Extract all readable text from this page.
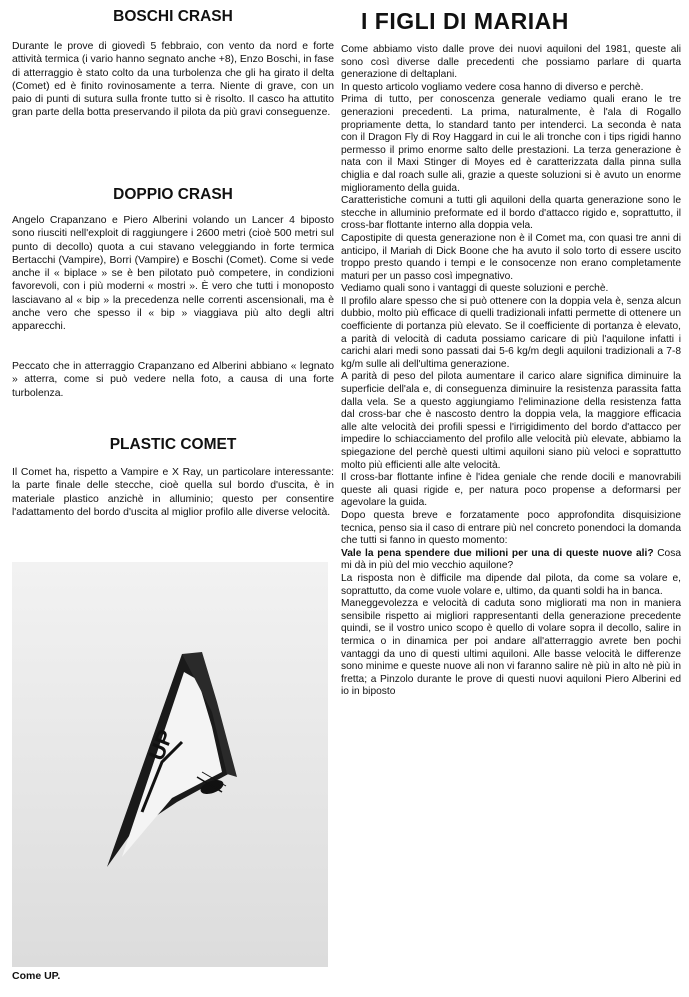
BOSCHI CRASH

Durante le prove di giovedì 5 febbraio, con vento da nord e forte attività termica (i vario hanno segnato anche +8), Enzo Boschi, in fase di atterraggio è stato colto da una turbolenza che gli ha girato il delta (Comet) ed è finito rovinosamente a terra. Niente di grave, con un paio di punti di sutura sulla fronte tutto si è risolto. Il casco ha attutito gran parte della botta preservando il pilota da più gravi conseguenze.

DOPPIO CRASH

Angelo Crapanzano e Piero Alberini volando un Lancer 4 biposto sono riusciti nell'exploit di raggiungere i 2600 metri (cioè 500 metri sul punto di decollo) quota a cui stavano veleggiando in forte termica Bertacchi (Vampire), Borri (Vampire) e Boschi (Comet). Come si vede anche il « biplace » se è ben pilotato può competere, in condizioni favorevoli, con i più moderni « mostri ». È vero che tutti i monoposto lasciavano al « bip » la precedenza nelle correnti ascensionali, ma è anche vero che spesso il « bip » viaggiava più alto degli altri apparecchi.

Peccato che in atterraggio Crapanzano ed Alberini abbiano « legnato » atterra, come si può vedere nella foto, a causa di una forte turbolenza.

PLASTIC COMET

Il Comet ha, rispetto a Vampire e X Ray, un particolare interessante: la parte finale delle stecche, cioè quella sul bordo d'uscita, è in materiale plastico anzichè in alluminio; questo per consentire l'adattamento del bordo d'uscita al miglior profilo alle diverse velocità.

UP

Come UP.

I FIGLI DI MARIAH

Come abbiamo visto dalle prove dei nuovi aquiloni del 1981, queste ali sono così diverse dalle precedenti che possiamo parlare di quarta generazione di deltaplani.

In questo articolo vogliamo vedere cosa hanno di diverso e perchè.

Prima di tutto, per conoscenza generale vediamo quali erano le tre generazioni precedenti. La prima, naturalmente, è l'ala di Rogallo propriamente detta, lo standard tanto per intenderci. La seconda è nata con il Dragon Fly di Roy Haggard in cui le ali tronche con i tips rigidi hanno permesso il primo enorme salto delle prestazioni. La terza generazione è nata con il Maxi Stinger di Moyes ed è caratterizzata dalla pinna sulla chiglia e dal roach sulle ali, grazie a queste soluzioni si è avuto un enorme miglioramento della guida.

Caratteristiche comuni a tutti gli aquiloni della quarta generazione sono le stecche in alluminio preformate ed il bordo d'attacco rigido e, soprattutto, il cross-bar flottante interno alla doppia vela.

Capostipite di questa generazione non è il Comet ma, con quasi tre anni di anticipo, il Mariah di Dick Boone che ha avuto il solo torto di essere uscito troppo presto quando i tempi e le consocenze non erano completamente maturi per un passo così impegnativo.

Vediamo quali sono i vantaggi di queste soluzioni e perchè.

Il profilo alare spesso che si può ottenere con la doppia vela è, senza alcun dubbio, molto più efficace di quelli tradizionali infatti permette di ottenere un coefficiente di portanza più elevato. Se il coefficiente di portanza è elevato, a parità di velocità di caduta possiamo caricare di più l'aquilone infatti i carichi alari medi sono passati dai 5-6 kg/m degli aquiloni tradizionali a 7-8 kg/m sulle ali dell'ultima generazione.

A parità di peso del pilota aumentare il carico alare significa diminuire la superficie dell'ala e, di conseguenza diminuire la resistenza parassita fatta dalla vela. Se a questo aggiungiamo l'eliminazione della resistenza fatta dal cross-bar che è nascosto dentro la doppia vela, la maggiore efficacia alle alte velocità dei profili spessi e l'irrigidimento del bordo d'attacco per impedire lo schiacciamento del profilo alle velocità più elevate, abbiamo la spiegazione del perchè questi ultimi aquiloni siano più veloci e soprattutto molto più efficienti alle alte velocità.

Il cross-bar flottante infine è l'idea geniale che rende docili e manovrabili queste ali quasi rigide e, per natura poco propense a deformarsi per agevolare la guida.

Dopo questa breve e forzatamente poco approfondita disquisizione tecnica, penso sia il caso di entrare più nel concreto ponendoci la domanda che tutti si fanno in questo momento:

Vale la pena spendere due milioni per una di queste nuove ali? Cosa mi dà in più del mio vecchio aquilone?

La risposta non è difficile ma dipende dal pilota, da come sa volare e, soprattutto, da come vuole volare e, ultimo, da quanti soldi ha in banca.

Maneggevolezza e velocità di caduta sono migliorati ma non in maniera sensibile rispetto ai migliori rappresentanti della generazione precedente quindi, se il vostro unico scopo è quello di volare sopra il decollo, salire in termica o in dinamica per poi andare all'atterraggio avrete ben pochi vantaggi da uno di questi ultimi aquiloni. Alle basse velocità le differenze sono minime e queste nuove ali non vi faranno salire nè più in alto nè più in fretta; a Pinzolo durante le prove di questi nuovi aquiloni Piero Alberini ed io in biposto
